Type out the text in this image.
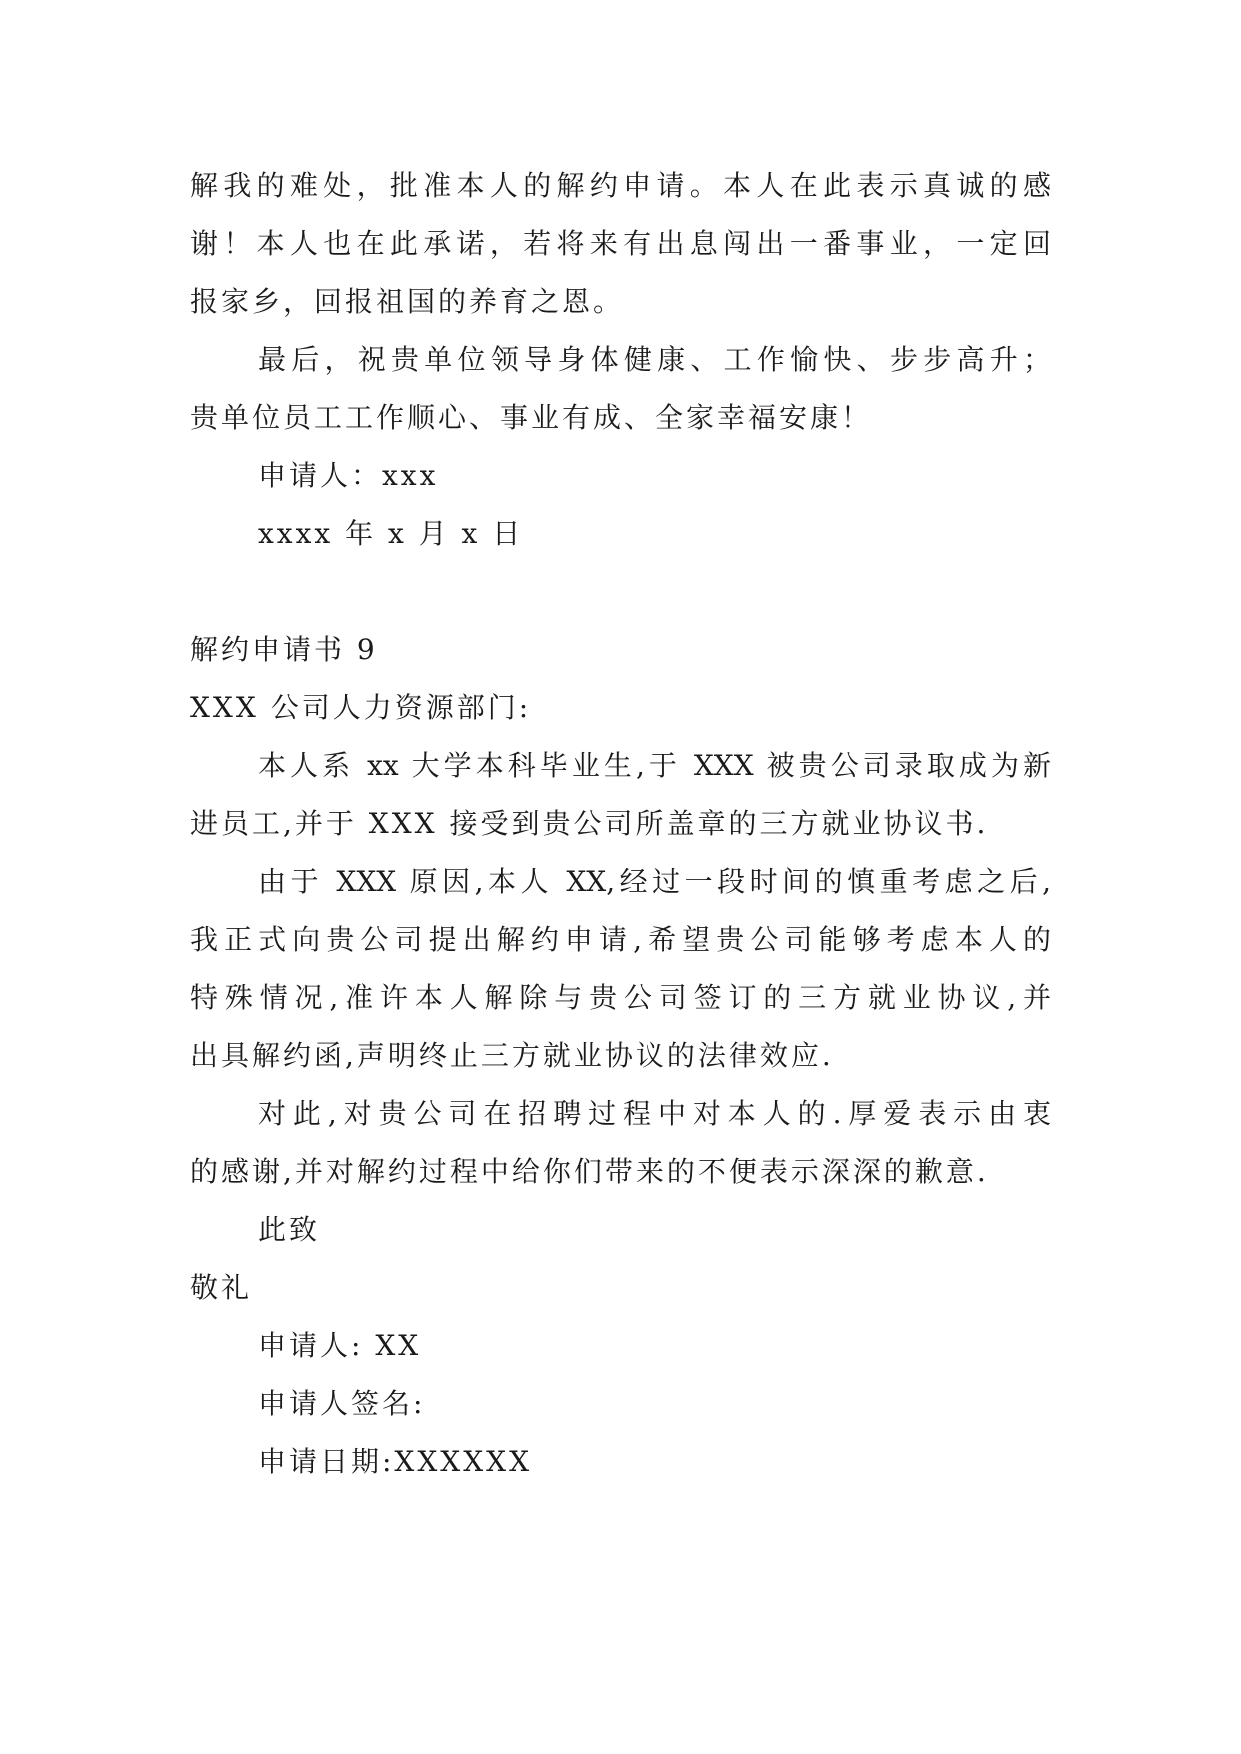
解我的难处，批准本人的解约申请。本人在此表示真诚的感
谢！本人也在此承诺，若将来有出息闯出一番事业，一定回
报家乡，回报祖国的养育之恩。
最后，祝贵单位领导身体健康、工作愉快、步步高升；
贵单位员工工作顺心、事业有成、全家幸福安康！
申请人：xxx
xxxx 年 x 月 x 日
解约申请书 9
XXX 公司人力资源部门:
本人系 xx 大学本科毕业生,于 XXX 被贵公司录取成为新
进员工,并于 XXX 接受到贵公司所盖章的三方就业协议书.
由于 XXX 原因,本人 XX,经过一段时间的慎重考虑之后,
我正式向贵公司提出解约申请,希望贵公司能够考虑本人的
特殊情况,准许本人解除与贵公司签订的三方就业协议,并
出具解约函,声明终止三方就业协议的法律效应.
对此,对贵公司在招聘过程中对本人的.厚爱表示由衷
的感谢,并对解约过程中给你们带来的不便表示深深的歉意.
此致
敬礼
申请人: XX
申请人签名:
申请日期:XXXXXX
